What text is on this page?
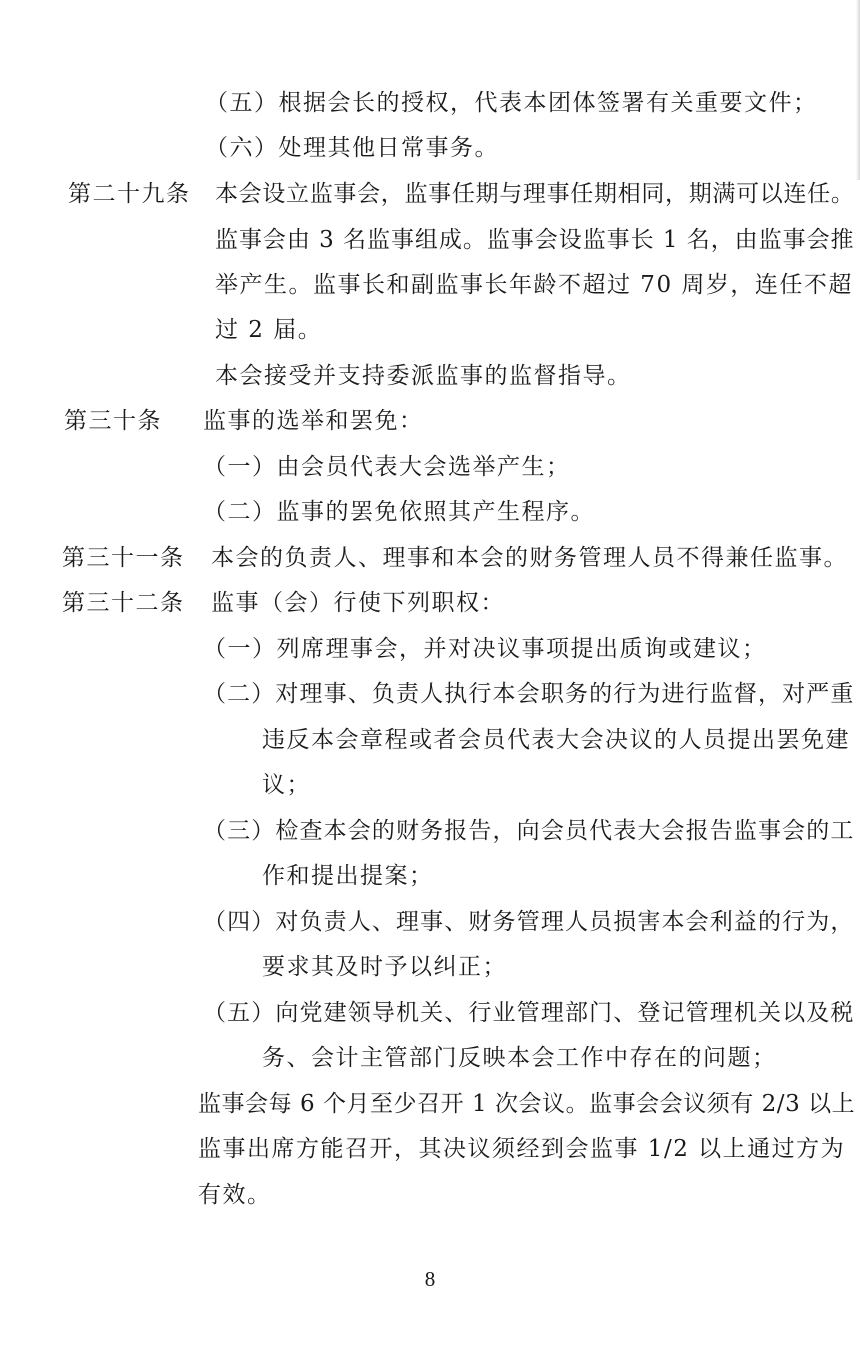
（五）根据会长的授权，代表本团体签署有关重要文件；
（六）处理其他日常事务。
第二十九条 本会设立监事会，监事任期与理事任期相同，期满可以连任。
监事会由 3 名监事组成。监事会设监事长 1 名，由监事会推
举产生。监事长和副监事长年龄不超过 70 周岁，连任不超
过 2 届。
本会接受并支持委派监事的监督指导。
第三十条 监事的选举和罢免：
（一）由会员代表大会选举产生；
（二）监事的罢免依照其产生程序。
第三十一条 本会的负责人、理事和本会的财务管理人员不得兼任监事。
第三十二条 监事（会）行使下列职权：
（一）列席理事会，并对决议事项提出质询或建议；
（二）对理事、负责人执行本会职务的行为进行监督，对严重
违反本会章程或者会员代表大会决议的人员提出罢免建
议；
（三）检查本会的财务报告，向会员代表大会报告监事会的工
作和提出提案；
（四）对负责人、理事、财务管理人员损害本会利益的行为，
要求其及时予以纠正；
（五）向党建领导机关、行业管理部门、登记管理机关以及税
务、会计主管部门反映本会工作中存在的问题；
监事会每 6 个月至少召开 1 次会议。监事会会议须有 2/3 以上
监事出席方能召开，其决议须经到会监事 1/2 以上通过方为
有效。
8
